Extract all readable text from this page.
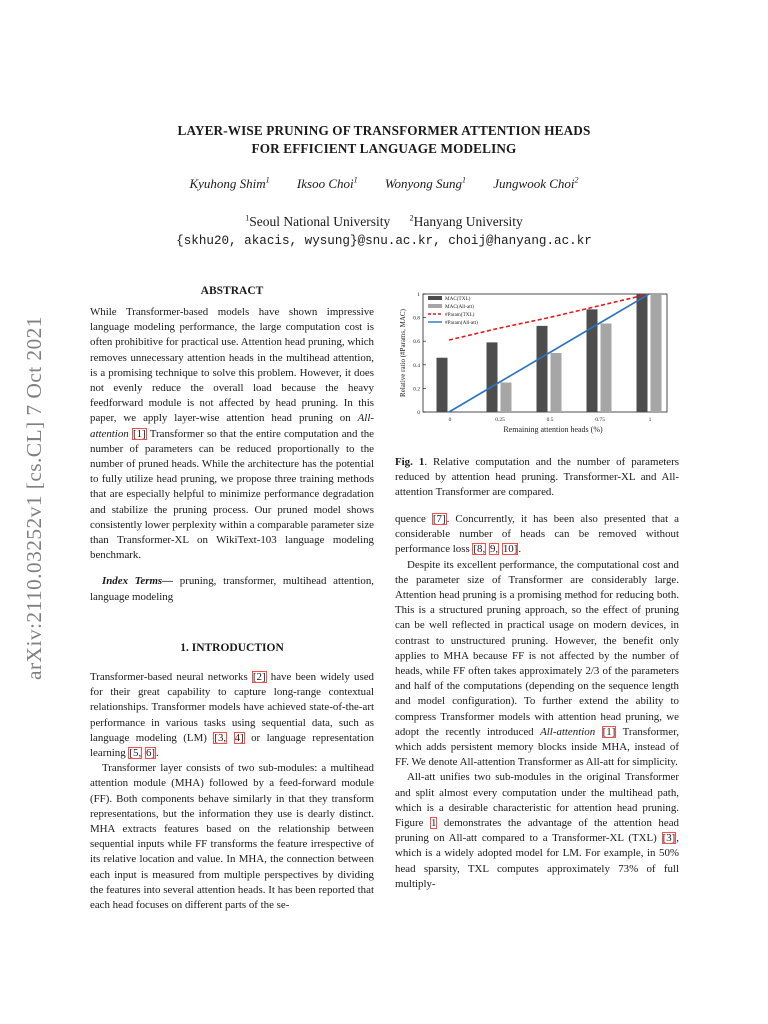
arXiv:2110.03252v1 [cs.CL] 7 Oct 2021
LAYER-WISE PRUNING OF TRANSFORMER ATTENTION HEADS
FOR EFFICIENT LANGUAGE MODELING
Kyuhong Shim$^1$ Iksoo Choi$^1$ Wonyong Sung$^1$ Jungwook Choi$^2$
$^1$Seoul National University $^2$Hanyang University
{skhu20, akacis, wysung}@snu.ac.kr, choij@hanyang.ac.kr
ABSTRACT

While Transformer-based models have shown impressive language modeling performance, the large computation cost is often prohibitive for practical use. Attention head pruning, which removes unnecessary attention heads in the multihead attention, is a promising technique to solve this problem. However, it does not evenly reduce the overall load because the heavy feedforward module is not affected by head pruning. In this paper, we apply layer-wise attention head pruning on All-attention [1] Transformer so that the entire computation and the number of parameters can be reduced proportionally to the number of pruned heads. While the architecture has the potential to fully utilize head pruning, we propose three training methods that are especially helpful to minimize performance degradation and stabilize the pruning process. Our pruned model shows consistently lower perplexity within a comparable parameter size than Transformer-XL on WikiText-103 language modeling benchmark.

Index Terms— pruning, transformer, multihead attention, language modeling

1. INTRODUCTION

Transformer-based neural networks [2] have been widely used for their great capability to capture long-range contextual relationships. Transformer models have achieved state-of-the-art performance in various tasks using sequential data, such as language modeling (LM) [3, 4] or language representation learning [5, 6].

Transformer layer consists of two sub-modules: a multihead attention module (MHA) followed by a feed-forward module (FF). Both components behave similarly in that they transform representations, but the information they use is dearly distinct. MHA extracts features based on the relationship between sequential inputs while FF transforms the feature irrespective of its relative location and value. In MHA, the connection between each input is measured from multiple perspectives by dividing the features into several attention heads. It has been reported that each head focuses on different parts of the se-

0
0.2
0.4
0.6
0.8
1
0	0.25	0.5	0.75	1
Remaining attention heads (%)
Relative ratio (#Params, MAC)
MAC(TXL)
MAC(All-att)
#Param(TXL)
#Param(All-att)
Fig. 1. Relative computation and the number of parameters reduced by attention head pruning. Transformer-XL and All-attention Transformer are compared.

quence [7]. Concurrently, it has been also presented that a considerable number of heads can be removed without performance loss [8, 9, 10].

Despite its excellent performance, the computational cost and the parameter size of Transformer are considerably large. Attention head pruning is a promising method for reducing both. This is a structured pruning approach, so the effect of pruning can be well reflected in practical usage on modern devices, in contrast to unstructured pruning. However, the benefit only applies to MHA because FF is not affected by the number of heads, while FF often takes approximately 2/3 of the parameters and half of the computations (depending on the sequence length and model configuration). To further extend the ability to compress Transformer models with attention head pruning, we adopt the recently introduced All-attention [1] Transformer, which adds persistent memory blocks inside MHA, instead of FF. We denote All-attention Transformer as All-att for simplicity.

All-att unifies two sub-modules in the original Transformer and split almost every computation under the multihead path, which is a desirable characteristic for attention head pruning. Figure 1 demonstrates the advantage of the attention head pruning on All-att compared to a Transformer-XL (TXL) [3], which is a widely adopted model for LM. For example, in 50% head sparsity, TXL computes approximately 73% of full multiply-
